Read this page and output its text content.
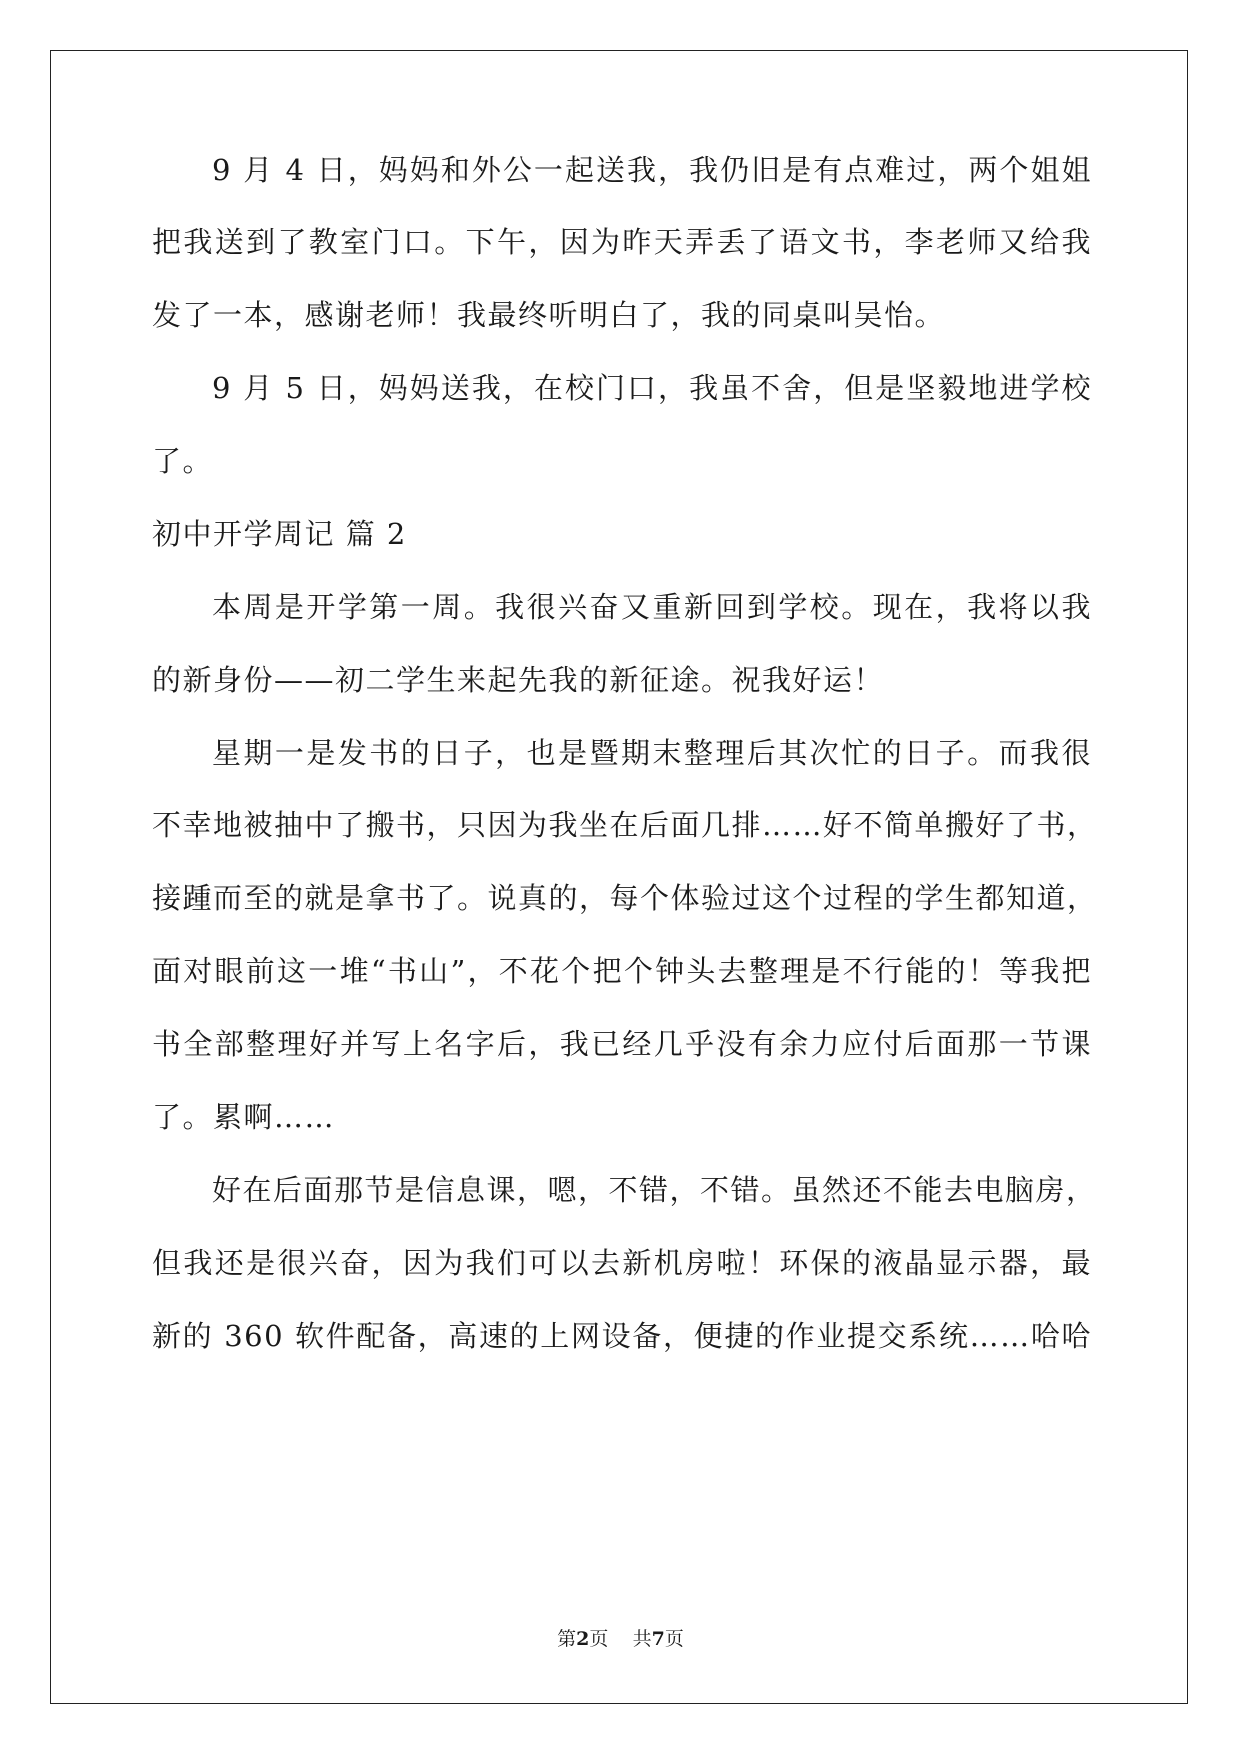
9 月 4 日，妈妈和外公一起送我，我仍旧是有点难过，两个姐姐
把我送到了教室门口。下午，因为昨天弄丢了语文书，李老师又给我
发了一本，感谢老师！我最终听明白了，我的同桌叫吴怡。
9 月 5 日，妈妈送我，在校门口，我虽不舍，但是坚毅地进学校
了。
初中开学周记 篇 2
本周是开学第一周。我很兴奋又重新回到学校。现在，我将以我
的新身份——初二学生来起先我的新征途。祝我好运！
星期一是发书的日子，也是暨期末整理后其次忙的日子。而我很
不幸地被抽中了搬书，只因为我坐在后面几排……好不简单搬好了书，
接踵而至的就是拿书了。说真的，每个体验过这个过程的学生都知道，
面对眼前这一堆“书山”，不花个把个钟头去整理是不行能的！等我把
书全部整理好并写上名字后，我已经几乎没有余力应付后面那一节课
了。累啊……
好在后面那节是信息课，嗯，不错，不错。虽然还不能去电脑房，
但我还是很兴奋，因为我们可以去新机房啦！环保的液晶显示器，最
新的 360 软件配备，高速的上网设备，便捷的作业提交系统……哈哈
第2页 共7页
